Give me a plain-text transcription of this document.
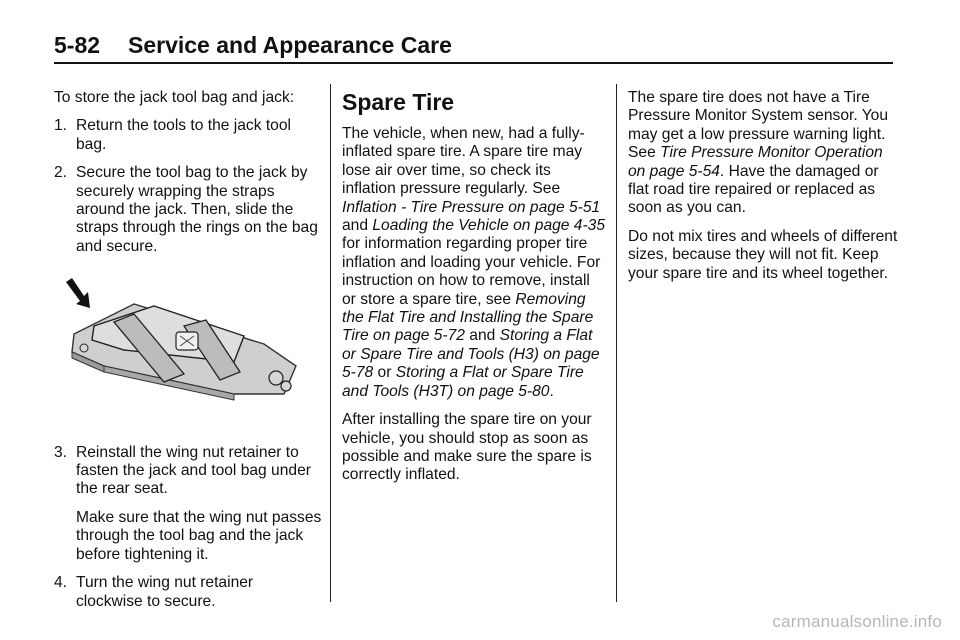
5-82 Service and Appearance Care

To store the jack tool bag and jack:

1. Return the tools to the jack tool bag.
2. Secure the tool bag to the jack by securely wrapping the straps around the jack. Then, slide the straps through the rings on the bag and secure.
3. Reinstall the wing nut retainer to fasten the jack and tool bag under the rear seat.

Make sure that the wing nut passes through the tool bag and the jack before tightening it.

4. Turn the wing nut retainer clockwise to secure.
Spare Tire

The vehicle, when new, had a fully-inflated spare tire. A spare tire may lose air over time, so check its inflation pressure regularly. See Inflation - Tire Pressure on page 5-51 and Loading the Vehicle on page 4-35 for information regarding proper tire inflation and loading your vehicle. For instruction on how to remove, install or store a spare tire, see Removing the Flat Tire and Installing the Spare Tire on page 5-72 and Storing a Flat or Spare Tire and Tools (H3) on page 5-78 or Storing a Flat or Spare Tire and Tools (H3T) on page 5-80.

After installing the spare tire on your vehicle, you should stop as soon as possible and make sure the spare is correctly inflated.

The spare tire does not have a Tire Pressure Monitor System sensor. You may get a low pressure warning light. See Tire Pressure Monitor Operation on page 5-54. Have the damaged or flat road tire repaired or replaced as soon as you can.

Do not mix tires and wheels of different sizes, because they will not fit. Keep your spare tire and its wheel together.

carmanualsonline.info
